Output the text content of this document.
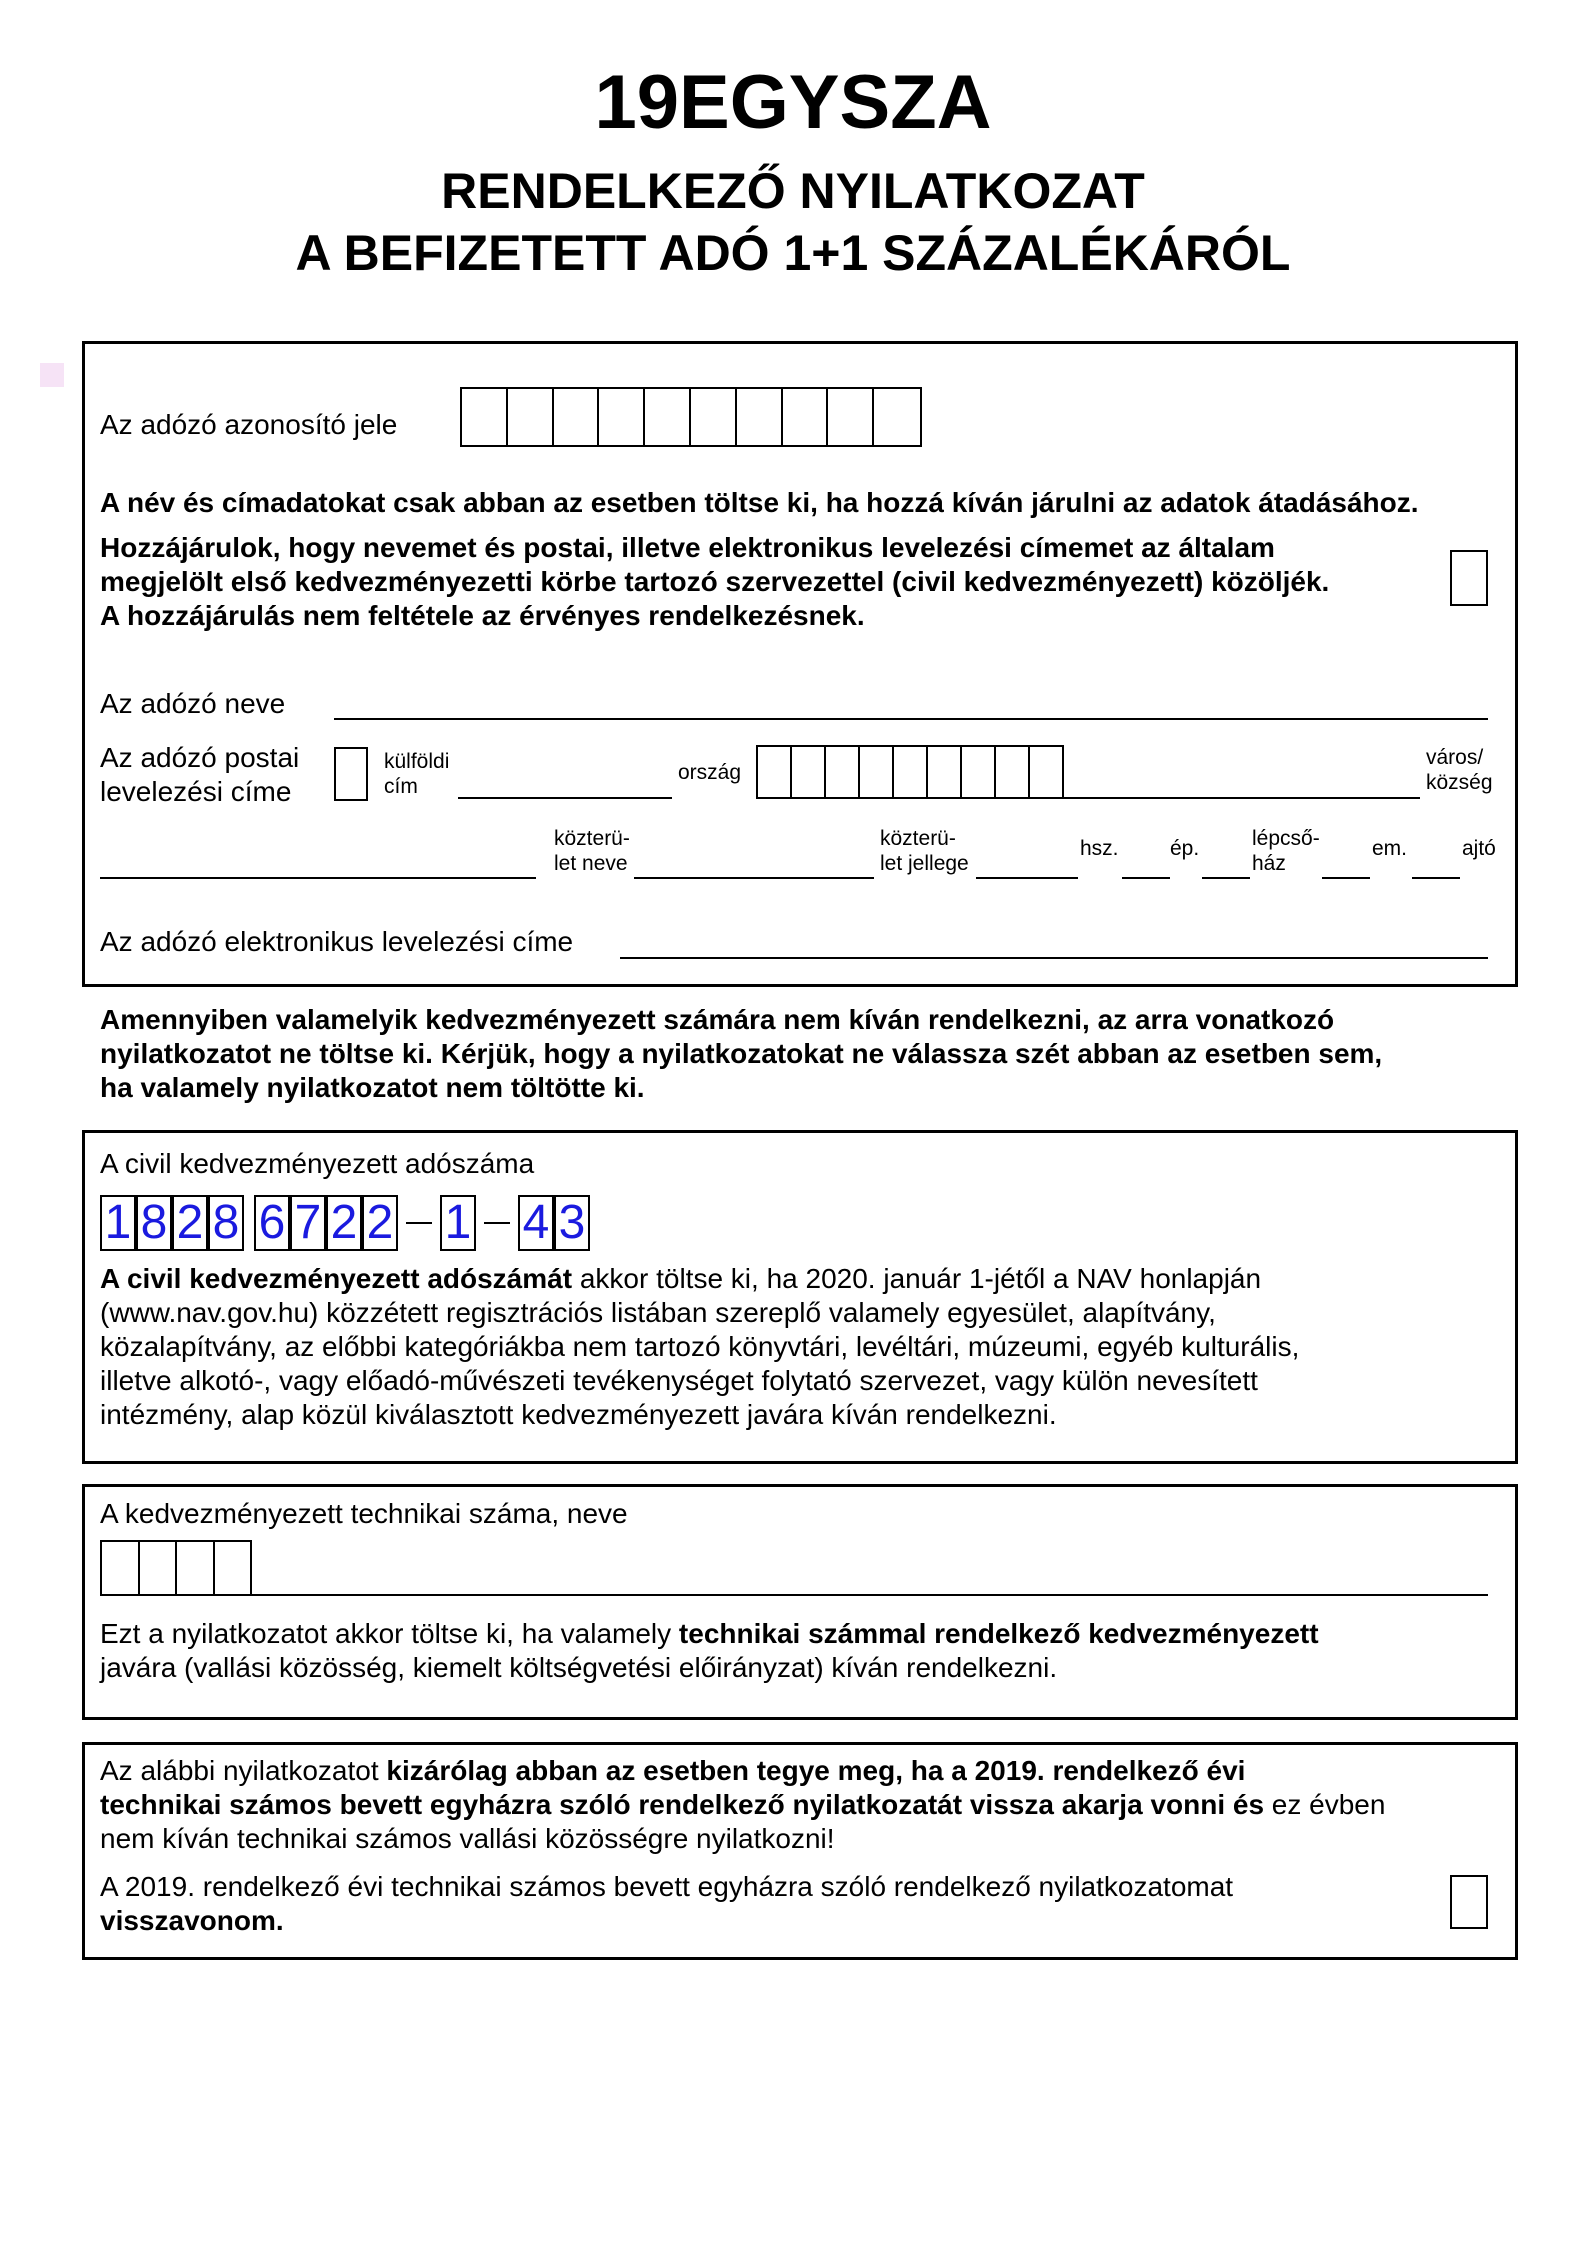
19EGYSZA
RENDELKEZŐ NYILATKOZAT
A BEFIZETETT ADÓ 1+1 SZÁZALÉKÁRÓL
Az adózó azonosító jele
A név és címadatokat csak abban az esetben töltse ki, ha hozzá kíván járulni az adatok átadásához.
Hozzájárulok, hogy nevemet és postai, illetve elektronikus levelezési címemet az általam
megjelölt első kedvezményezetti körbe tartozó szervezettel (civil kedvezményezett) közöljék.
A hozzájárulás nem feltétele az érvényes rendelkezésnek.
Az adózó neve
Az adózó postai
levelezési címe
külföldi
cím
ország
város/
község
közterü-
let neve
közterü-
let jellege
hsz. ép.	lépcső-
ház
em.	ajtó
Az adózó elektronikus levelezési címe
Amennyiben valamelyik kedvezményezett számára nem kíván rendelkezni, az arra vonatkozó
nyilatkozatot ne töltse ki. Kérjük, hogy a nyilatkozatokat ne válassza szét abban az esetben sem,
ha valamely nyilatkozatot nem töltötte ki.
A civil kedvezményezett adószáma
1 8 2 8 6 7 2 2 1 4 3
A civil kedvezményezett adószámát akkor töltse ki, ha 2020. január 1-jétől a NAV honlapján
(www.nav.gov.hu) közzétett regisztrációs listában szereplő valamely egyesület, alapítvány,
közalapítvány, az előbbi kategóriákba nem tartozó könyvtári, levéltári, múzeumi, egyéb kulturális,
illetve alkotó-, vagy előadó-művészeti tevékenységet folytató szervezet, vagy külön nevesített
intézmény, alap közül kiválasztott kedvezményezett javára kíván rendelkezni.
A kedvezményezett technikai száma, neve
Ezt a nyilatkozatot akkor töltse ki, ha valamely technikai számmal rendelkező kedvezményezett
javára (vallási közösség, kiemelt költségvetési előirányzat) kíván rendelkezni.
Az alábbi nyilatkozatot kizárólag abban az esetben tegye meg, ha a 2019. rendelkező évi
technikai számos bevett egyházra szóló rendelkező nyilatkozatát vissza akarja vonni és ez évben
nem kíván technikai számos vallási közösségre nyilatkozni!
A 2019. rendelkező évi technikai számos bevett egyházra szóló rendelkező nyilatkozatomat
visszavonom.
